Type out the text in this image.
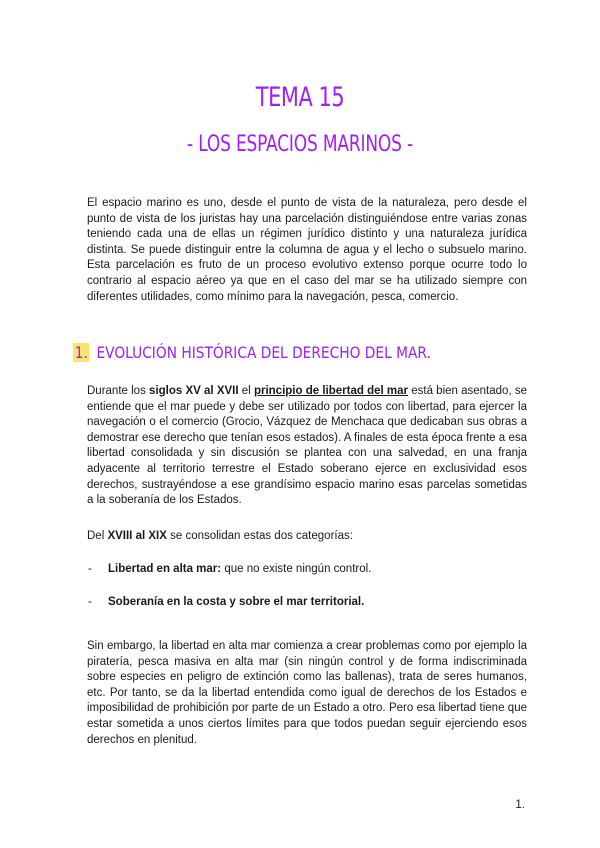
TEMA 15
- LOS ESPACIOS MARINOS -

El espacio marino es uno, desde el punto de vista de la naturaleza, pero desde el punto de vista de los juristas hay una parcelación distinguiéndose entre varias zonas teniendo cada una de ellas un régimen jurídico distinto y una naturaleza jurídica distinta. Se puede distinguir entre la columna de agua y el lecho o subsuelo marino. Esta parcelación es fruto de un proceso evolutivo extenso porque ocurre todo lo contrario al espacio aéreo ya que en el caso del mar se ha utilizado siempre con diferentes utilidades, como mínimo para la navegación, pesca, comercio.

1. EVOLUCIÓN HISTÓRICA DEL DERECHO DEL MAR.

Durante los siglos XV al XVII el principio de libertad del mar está bien asentado, se entiende que el mar puede y debe ser utilizado por todos con libertad, para ejercer la navegación o el comercio (Grocio, Vázquez de Menchaca que dedicaban sus obras a demostrar ese derecho que tenían esos estados). A finales de esta época frente a esa libertad consolidada y sin discusión se plantea con una salvedad, en una franja adyacente al territorio terrestre el Estado soberano ejerce en exclusividad esos derechos, sustrayéndose a ese grandísimo espacio marino esas parcelas sometidas a la soberanía de los Estados.

Del XVIII al XIX se consolidan estas dos categorías:

- Libertad en alta mar: que no existe ningún control.
- Soberanía en la costa y sobre el mar territorial.

Sin embargo, la libertad en alta mar comienza a crear problemas como por ejemplo la piratería, pesca masiva en alta mar (sin ningún control y de forma indiscriminada sobre especies en peligro de extinción como las ballenas), trata de seres humanos, etc. Por tanto, se da la libertad entendida como igual de derechos de los Estados e imposibilidad de prohibición por parte de un Estado a otro. Pero esa libertad tiene que estar sometida a unos ciertos límites para que todos puedan seguir ejerciendo esos derechos en plenitud.

1.
